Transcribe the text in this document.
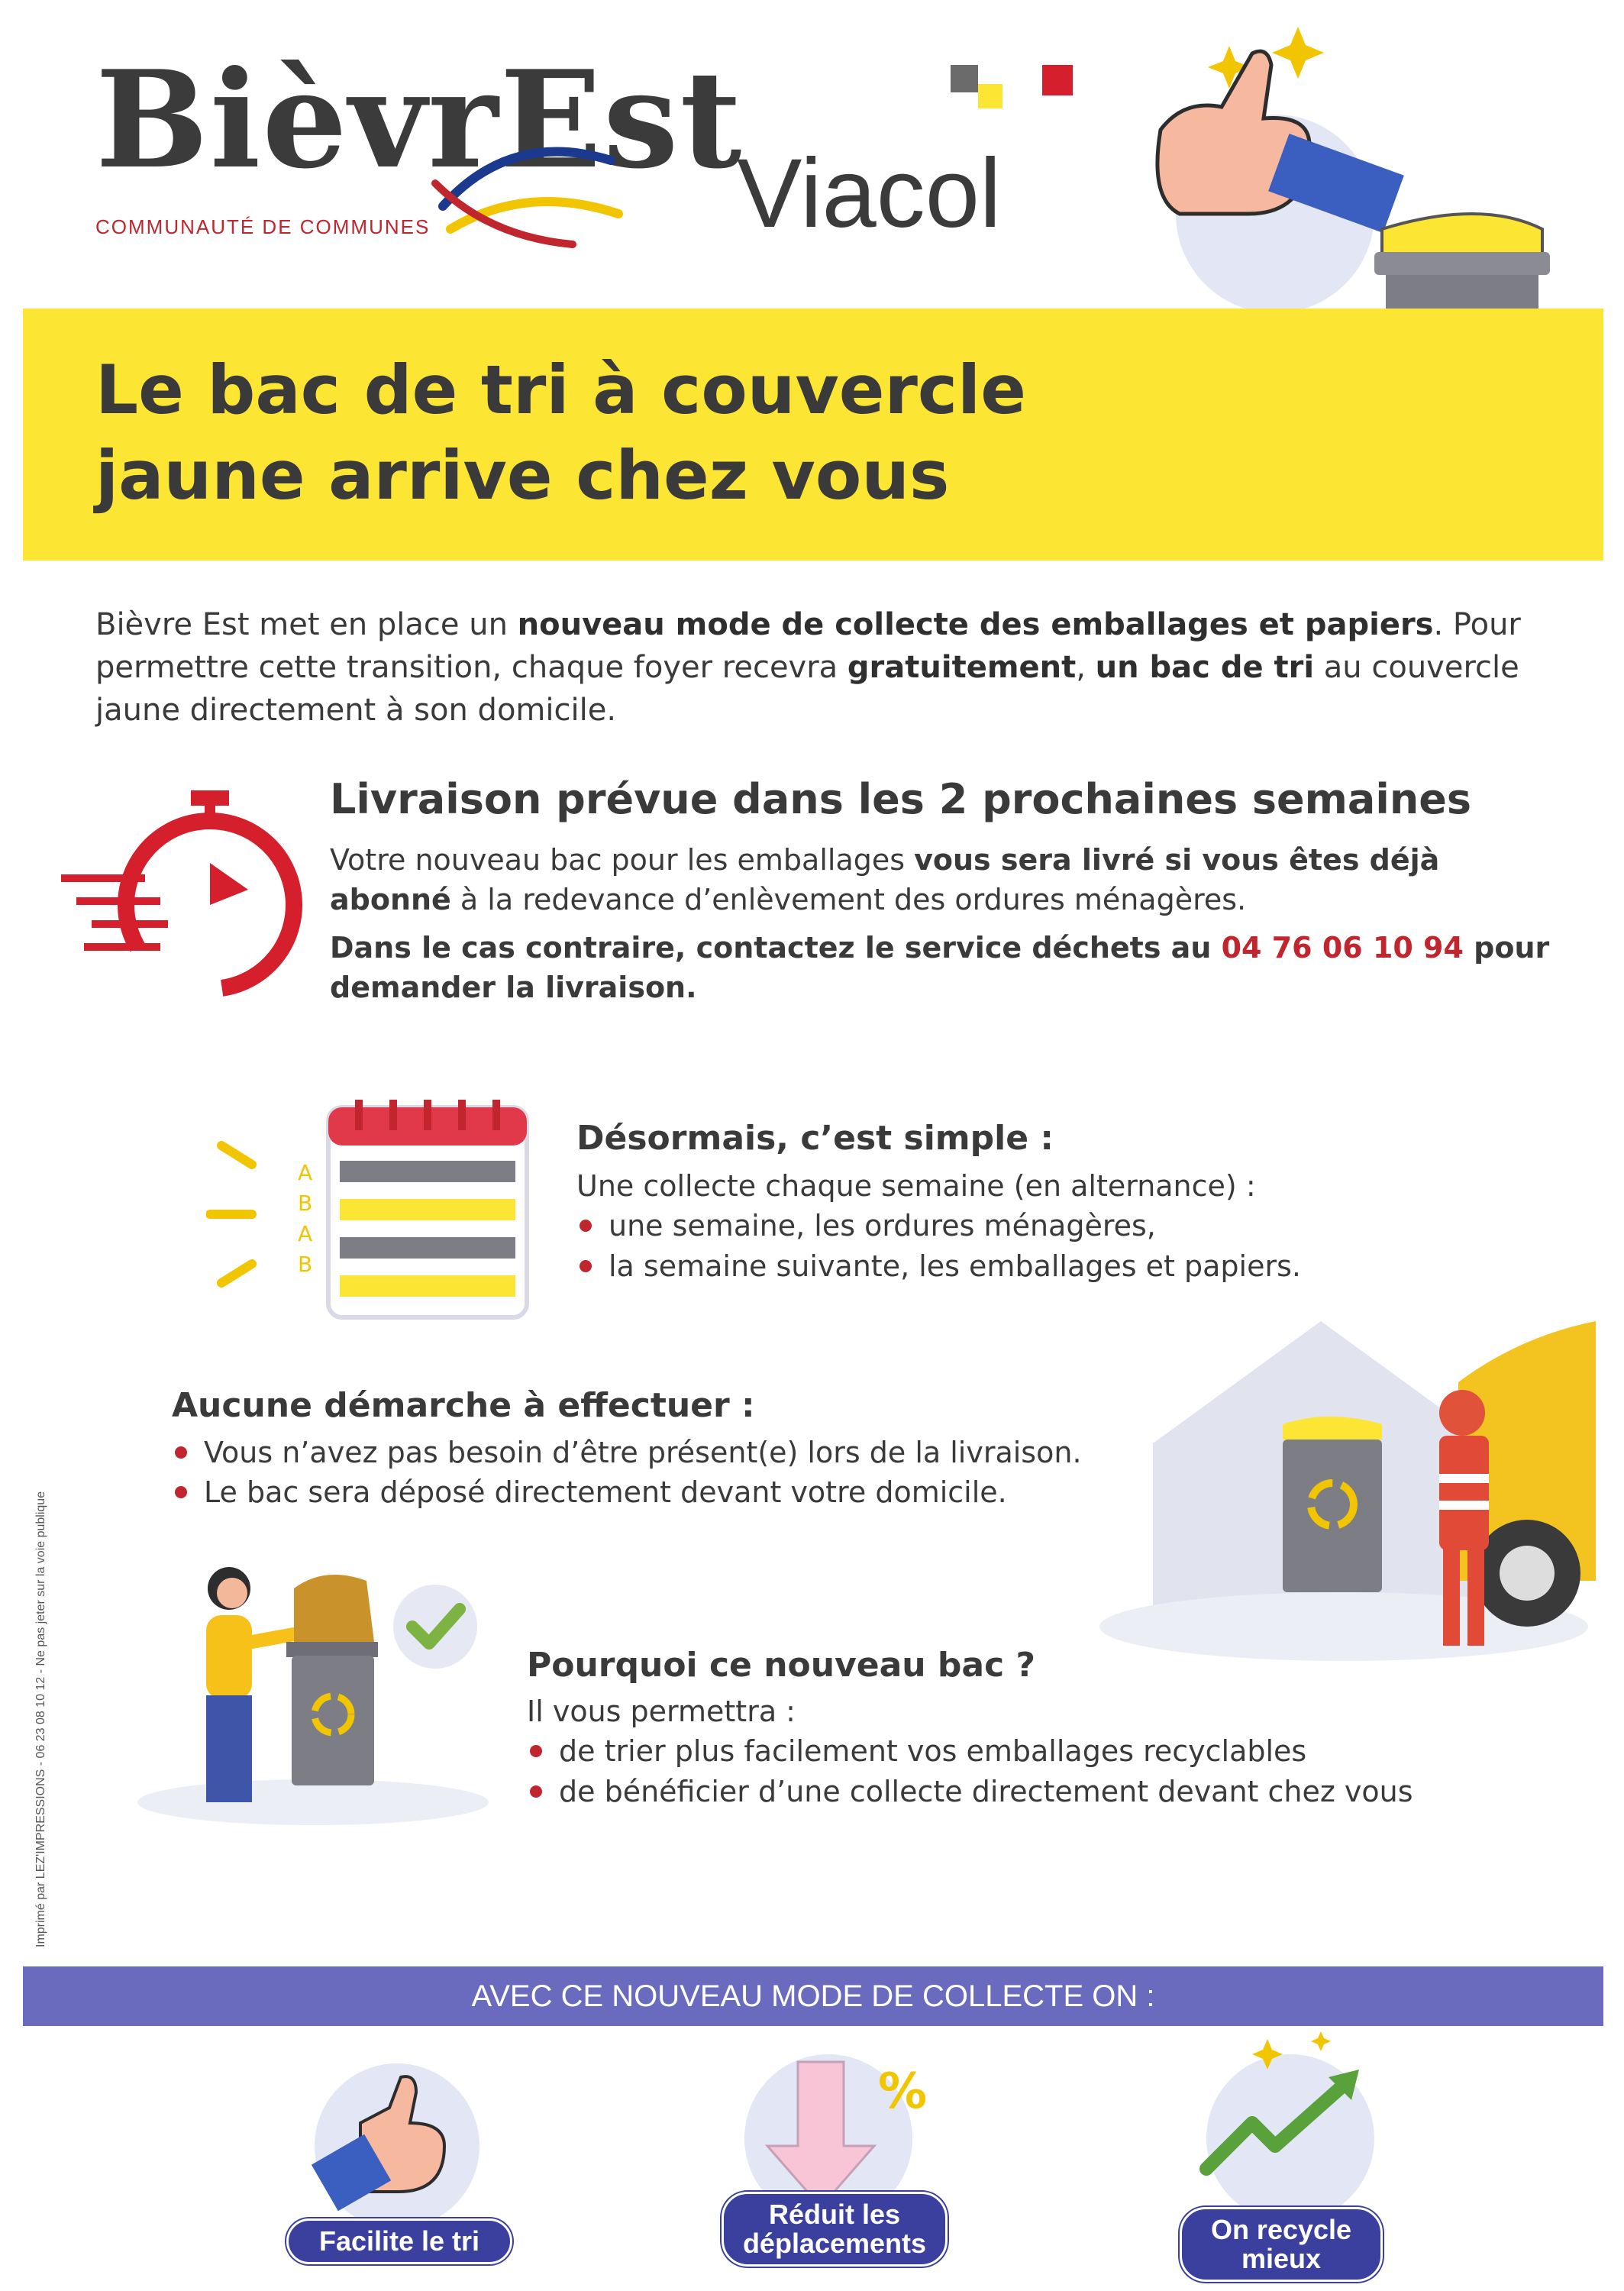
BièvrEst
COMMUNAUTÉ DE COMMUNES	Viacol
Le bac de tri à couvercle
jaune arrive chez vous
Bièvre Est met en place un nouveau mode de collecte des emballages et papiers. Pour permettre cette transition, chaque foyer recevra gratuitement, un bac de tri au couvercle jaune directement à son domicile.
Livraison prévue dans les 2 prochaines semaines
Votre nouveau bac pour les emballages vous sera livré si vous êtes déjà abonné à la redevance d’enlèvement des ordures ménagères.
Dans le cas contraire, contactez le service déchets au 04 76 06 10 94 pour demander la livraison.
A
B
A
B
Désormais, c’est simple :
Une collecte chaque semaine (en alternance) :
une semaine, les ordures ménagères,
la semaine suivante, les emballages et papiers.
Aucune démarche à effectuer :
Vous n’avez pas besoin d’être présent(e) lors de la livraison.
Le bac sera déposé directement devant votre domicile.
Pourquoi ce nouveau bac ?
Il vous permettra :
de trier plus facilement vos emballages recyclables
de bénéficier d’une collecte directement devant chez vous
Imprimé par LEZ'IMPRESSIONS - 06 23 08 10 12 - Ne pas jeter sur la voie publique
AVEC CE NOUVEAU MODE DE COLLECTE ON :
Facilite le tri
%
Réduit les
déplacements	On recycle
mieux
